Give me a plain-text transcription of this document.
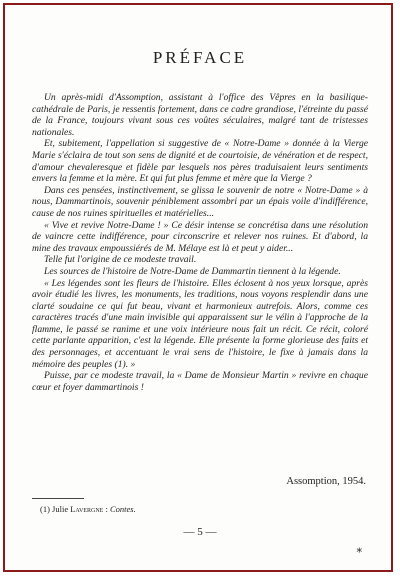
PRÉFACE

Un après-midi d'Assomption, assistant à l'office des Vêpres en la basilique-cathédrale de Paris, je ressentis fortement, dans ce cadre grandiose, l'étreinte du passé de la France, toujours vivant sous ces voûtes séculaires, malgré tant de tristesses nationales.

Et, subitement, l'appellation si suggestive de « Notre-Dame » donnée à la Vierge Marie s'éclaira de tout son sens de dignité et de courtoisie, de vénération et de respect, d'amour chevaleresque et fidèle par lesquels nos pères traduisaient leurs sentiments envers la femme et la mère. Et qui fut plus femme et mère que la Vierge ?

Dans ces pensées, instinctivement, se glissa le souvenir de notre « Notre-Dame » à nous, Dammartinois, souvenir péniblement assombri par un épais voile d'indifférence, cause de nos ruines spirituelles et matérielles...

« Vive et revive Notre-Dame ! » Ce désir intense se concrétisa dans une résolution de vaincre cette indifférence, pour circonscrire et relever nos ruines. Et d'abord, la mine des travaux empoussiérés de M. Mélaye est là et peut y aider...

Telle fut l'origine de ce modeste travail.

Les sources de l'histoire de Notre-Dame de Dammartin tiennent à la légende.

« Les légendes sont les fleurs de l'histoire. Elles éclosent à nos yeux lorsque, après avoir étudié les livres, les monuments, les traditions, nous voyons resplendir dans une clarté soudaine ce qui fut beau, vivant et harmonieux autrefois. Alors, comme ces caractères tracés d'une main invisible qui apparaissent sur le vélin à l'approche de la flamme, le passé se ranime et une voix intérieure nous fait un récit. Ce récit, coloré cette parlante apparition, c'est la légende. Elle présente la forme glorieuse des faits et des personnages, et accentuant le vrai sens de l'histoire, le fixe à jamais dans la mémoire des peuples (1). »

Puisse, par ce modeste travail, la « Dame de Monsieur Martin » revivre en chaque cœur et foyer dammartinois !

Assomption, 1954.
(1) Julie Lavergne : Contes.
— 5 —
*
